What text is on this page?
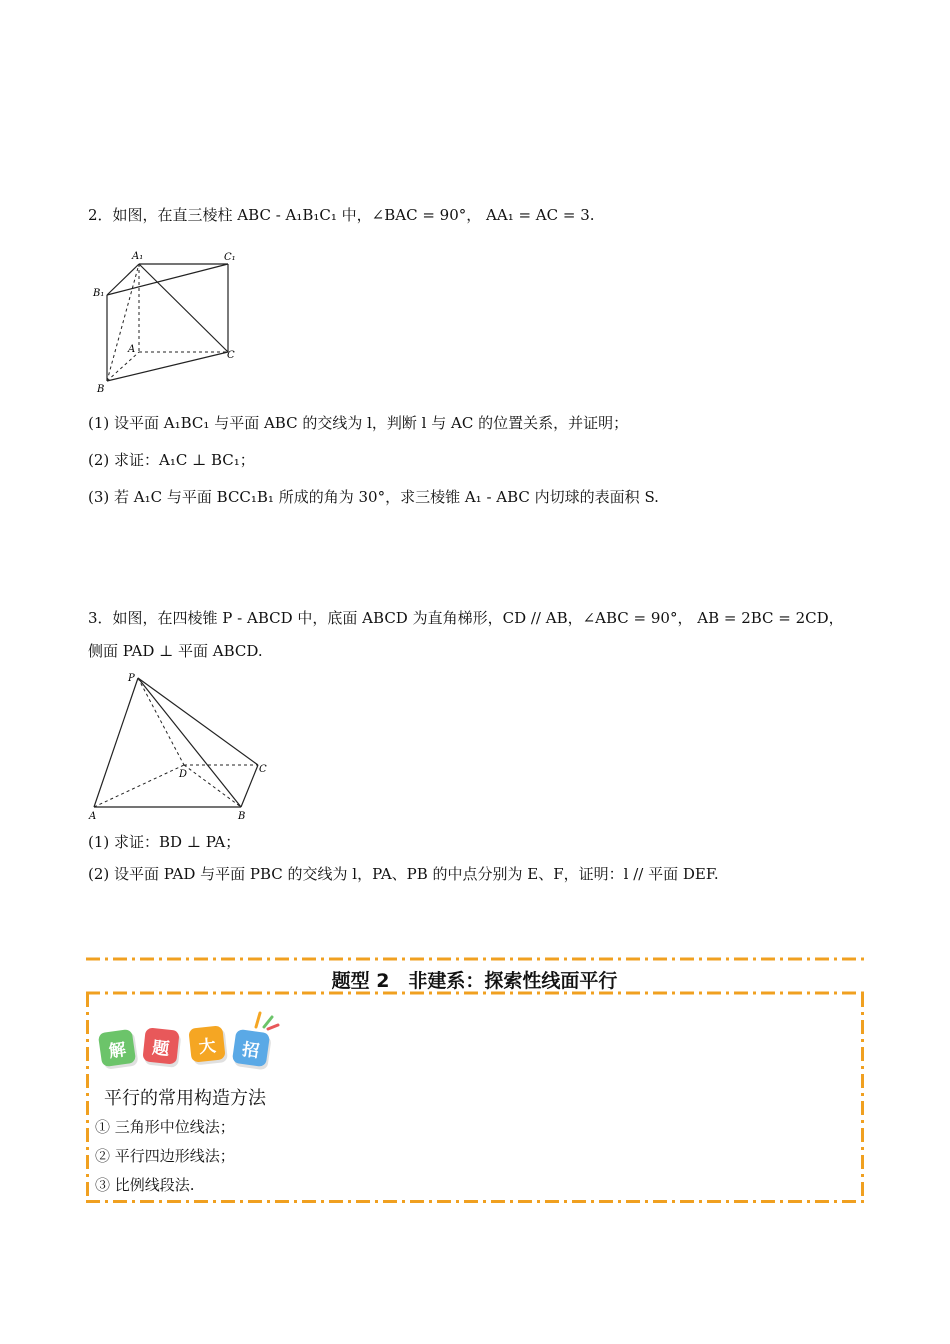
2．如图，在直三棱柱 ABC - A₁B₁C₁ 中，∠BAC = 90°， AA₁ = AC = 3.
A₁	C₁
B₁
A
C
B
(1) 设平面 A₁BC₁ 与平面 ABC 的交线为 l，判断 l 与 AC 的位置关系，并证明；
(2) 求证：A₁C ⊥ BC₁；
(3) 若 A₁C 与平面 BCC₁B₁ 所成的角为 30°，求三棱锥 A₁ - ABC 内切球的表面积 S.
3．如图，在四棱锥 P - ABCD 中，底面 ABCD 为直角梯形，CD // AB，∠ABC = 90°， AB = 2BC = 2CD，
侧面 PAD ⊥ 平面 ABCD.
P
D	C
A	B
(1) 求证：BD ⊥ PA；
(2) 设平面 PAD 与平面 PBC 的交线为 l，PA、PB 的中点分别为 E、F，证明：l // 平面 DEF.
题型 2　非建系：探索性线面平行
解	题	大	招
平行的常用构造方法
① 三角形中位线法；
② 平行四边形线法；
③ 比例线段法.
